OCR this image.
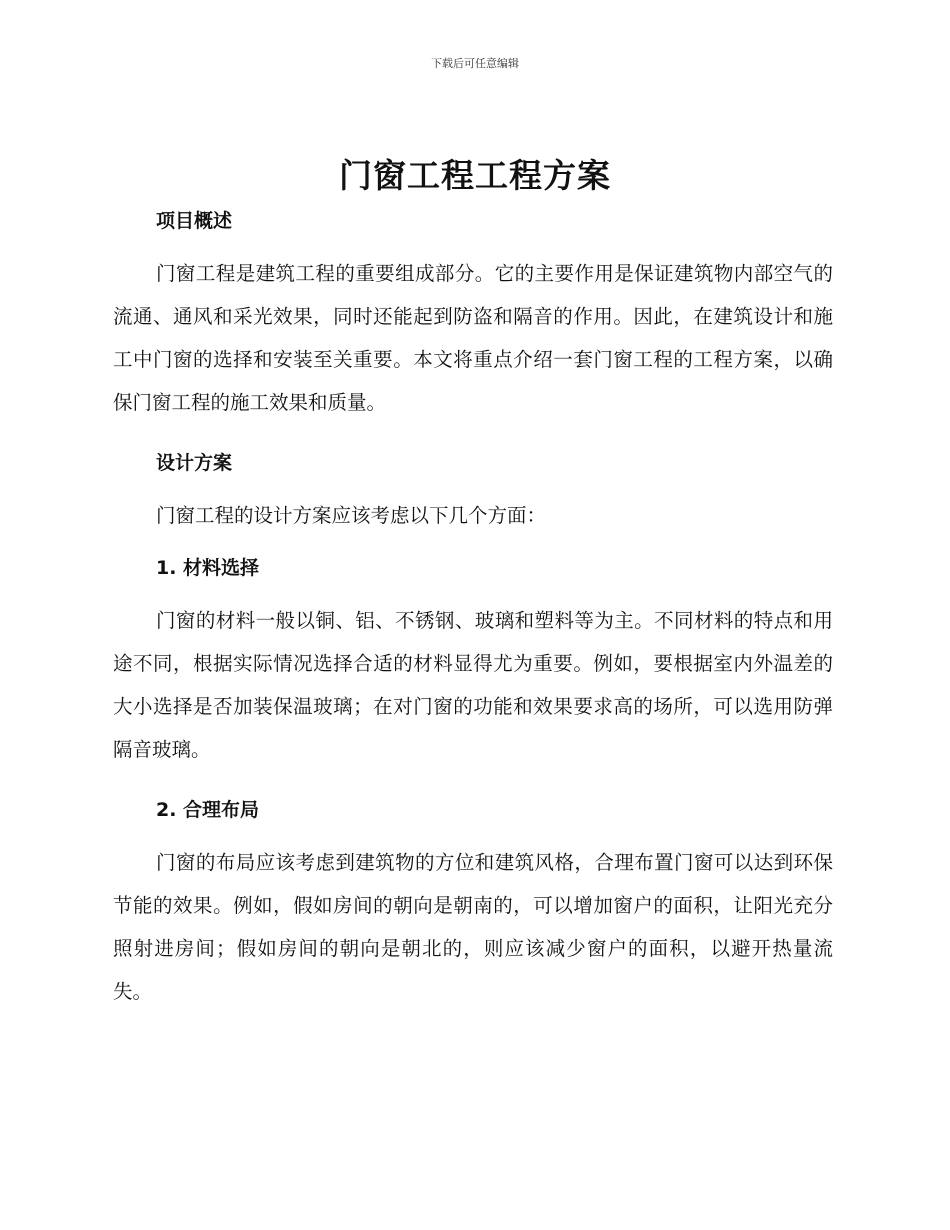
下载后可任意编辑
门窗工程工程方案
项目概述

门窗工程是建筑工程的重要组成部分。它的主要作用是保证建筑物内部空气的流通、通风和采光效果，同时还能起到防盗和隔音的作用。因此，在建筑设计和施工中门窗的选择和安装至关重要。本文将重点介绍一套门窗工程的工程方案，以确保门窗工程的施工效果和质量。

设计方案

门窗工程的设计方案应该考虑以下几个方面：

1. 材料选择

门窗的材料一般以铜、铝、不锈钢、玻璃和塑料等为主。不同材料的特点和用途不同，根据实际情况选择合适的材料显得尤为重要。例如，要根据室内外温差的大小选择是否加装保温玻璃；在对门窗的功能和效果要求高的场所，可以选用防弹隔音玻璃。

2. 合理布局

门窗的布局应该考虑到建筑物的方位和建筑风格，合理布置门窗可以达到环保节能的效果。例如，假如房间的朝向是朝南的，可以增加窗户的面积，让阳光充分照射进房间；假如房间的朝向是朝北的，则应该减少窗户的面积，以避开热量流失。
